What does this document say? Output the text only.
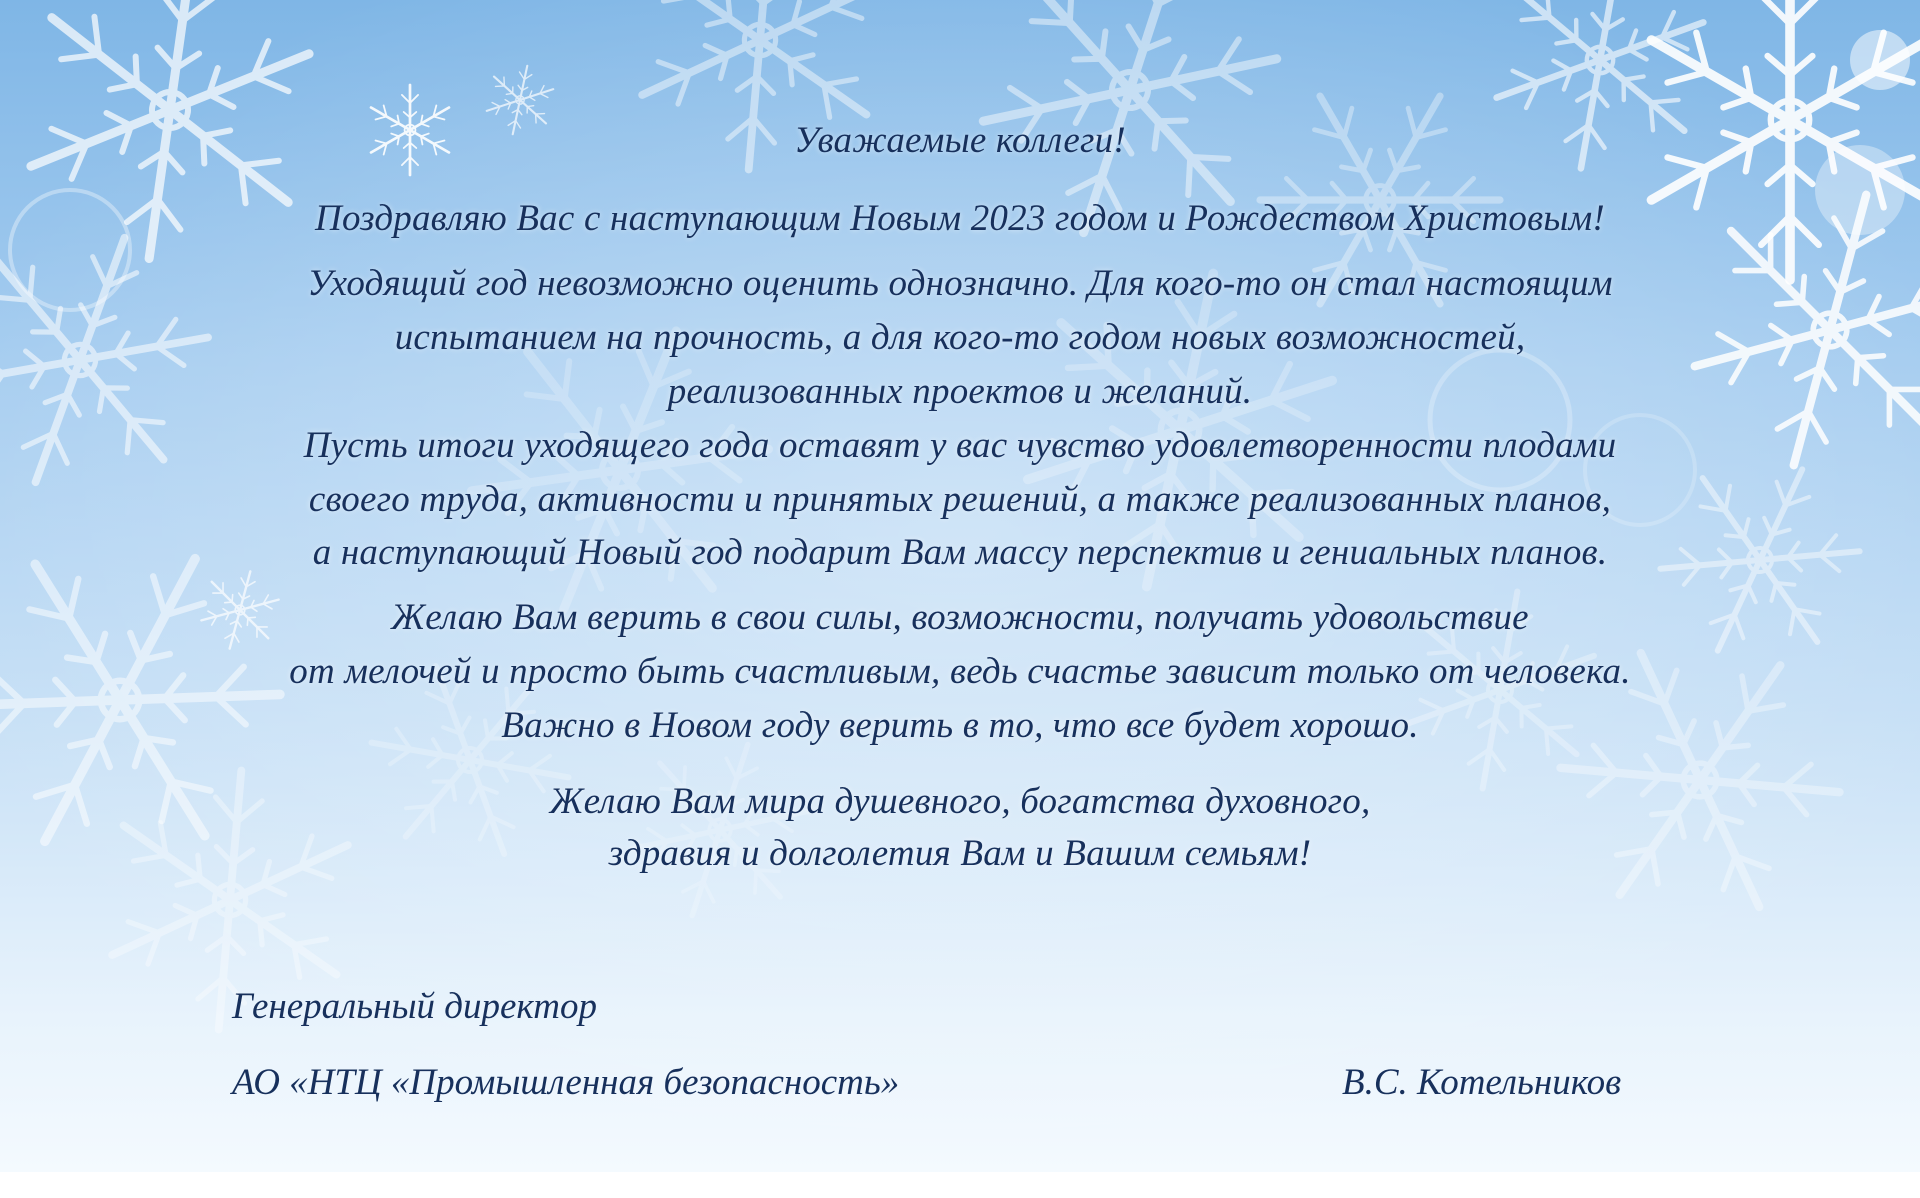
Уважаемые коллеги!
Поздравляю Вас с наступающим Новым 2023 годом и Рождеством Христовым!
Уходящий год невозможно оценить однозначно. Для кого-то он стал настоящим
испытанием на прочность, а для кого-то годом новых возможностей,
реализованных проектов и желаний.
Пусть итоги уходящего года оставят у вас чувство удовлетворенности плодами
своего труда, активности и принятых решений, а также реализованных планов,
а наступающий Новый год подарит Вам массу перспектив и гениальных планов.
Желаю Вам верить в свои силы, возможности, получать удовольствие
от мелочей и просто быть счастливым, ведь счастье зависит только от человека.
Важно в Новом году верить в то, что все будет хорошо.
Желаю Вам мира душевного, богатства духовного,
здравия и долголетия Вам и Вашим семьям!
Генеральный директор
АО «НТЦ «Промышленная безопасность»	В.С. Котельников
